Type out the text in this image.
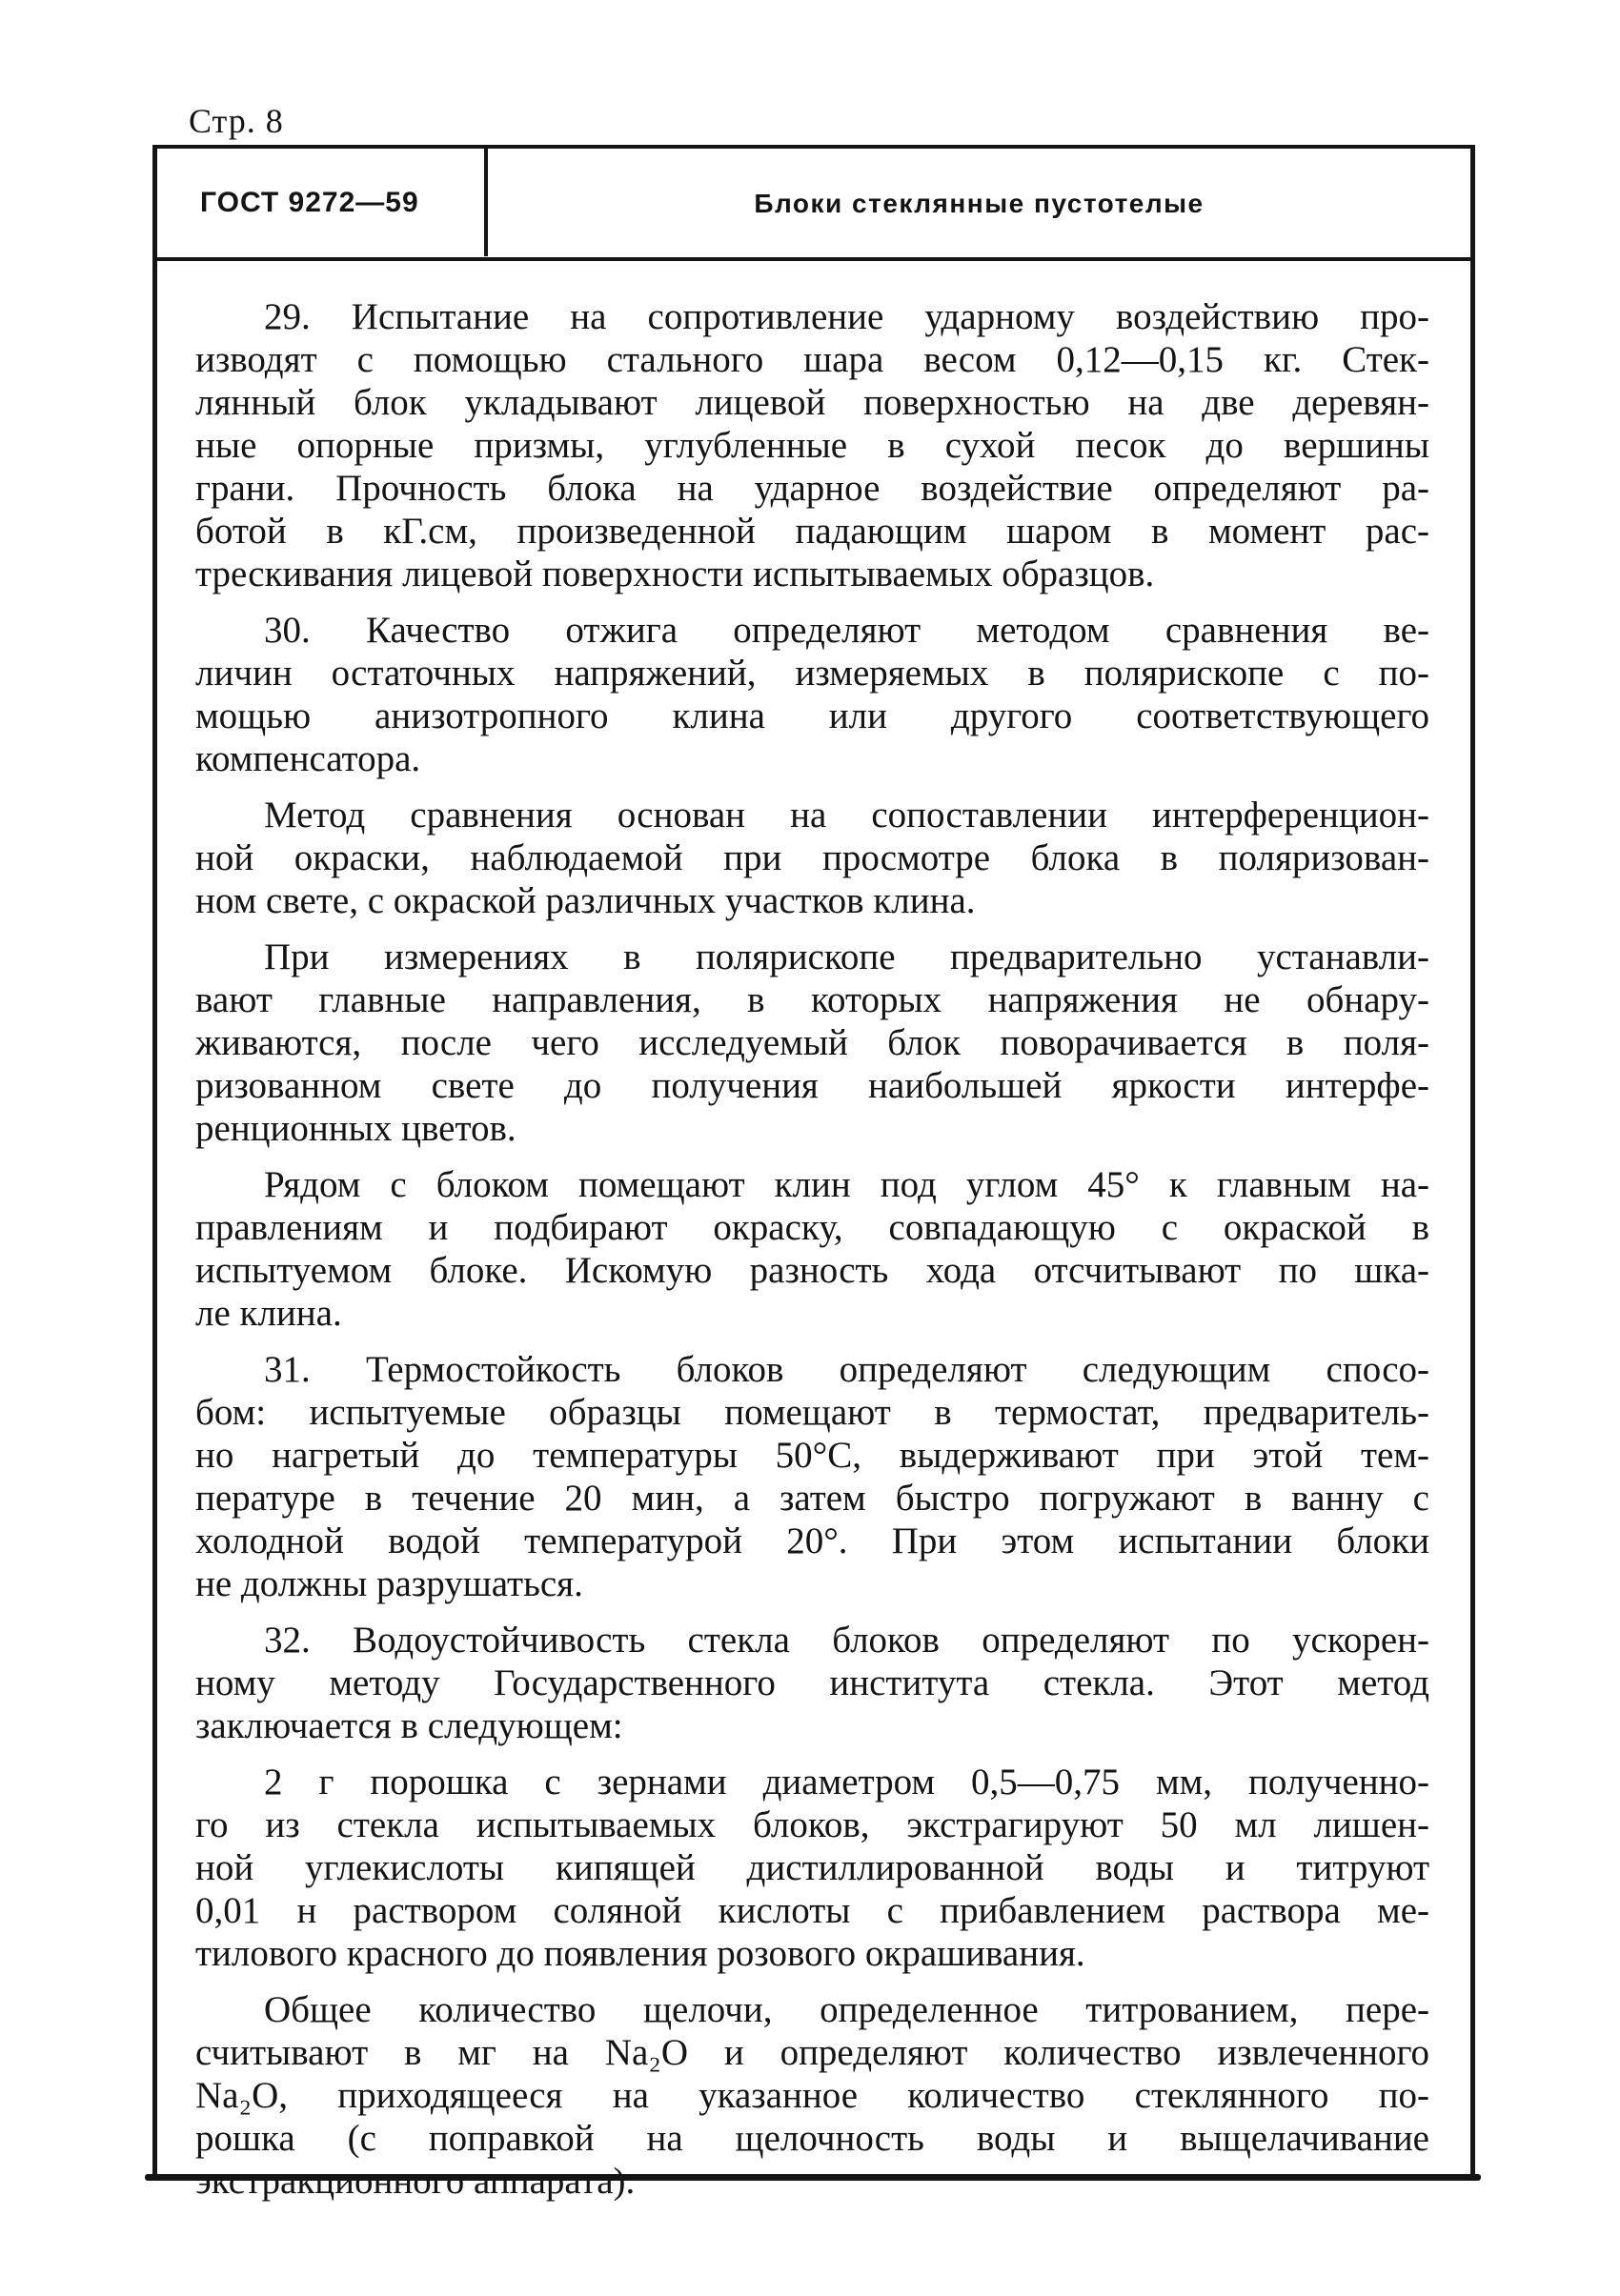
Стр. 8
ГОСТ 9272—59	Блоки стеклянные пустотелые
29. Испытание на сопротивление ударному воздействию про-
изводят с помощью стального шара весом 0,12—0,15 кг. Стек-
лянный блок укладывают лицевой поверхностью на две деревян-
ные опорные призмы, углубленные в сухой песок до вершины
грани. Прочность блока на ударное воздействие определяют ра-
ботой в кГ.см, произведенной падающим шаром в момент рас-
трескивания лицевой поверхности испытываемых образцов.
30. Качество отжига определяют методом сравнения ве-
личин остаточных напряжений, измеряемых в полярископе с по-
мощью анизотропного клина или другого соответствующего
компенсатора.
Метод сравнения основан на сопоставлении интерференцион-
ной окраски, наблюдаемой при просмотре блока в поляризован-
ном свете, с окраской различных участков клина.
При измерениях в полярископе предварительно устанавли-
вают главные направления, в которых напряжения не обнару-
живаются, после чего исследуемый блок поворачивается в поля-
ризованном свете до получения наибольшей яркости интерфе-
ренционных цветов.
Рядом с блоком помещают клин под углом 45° к главным на-
правлениям и подбирают окраску, совпадающую с окраской в
испытуемом блоке. Искомую разность хода отсчитывают по шка-
ле клина.
31. Термостойкость блоков определяют следующим спосо-
бом: испытуемые образцы помещают в термостат, предваритель-
но нагретый до температуры 50°С, выдерживают при этой тем-
пературе в течение 20 мин, а затем быстро погружают в ванну с
холодной водой температурой 20°. При этом испытании блоки
не должны разрушаться.
32. Водоустойчивость стекла блоков определяют по ускорен-
ному методу Государственного института стекла. Этот метод
заключается в следующем:
2 г порошка с зернами диаметром 0,5—0,75 мм, полученно-
го из стекла испытываемых блоков, экстрагируют 50 мл лишен-
ной углекислоты кипящей дистиллированной воды и титруют
0,01 н раствором соляной кислоты с прибавлением раствора ме-
тилового красного до появления розового окрашивания.
Общее количество щелочи, определенное титрованием, пере-
считывают в мг на Na₂O и определяют количество извлеченного
Na₂O, приходящееся на указанное количество стеклянного по-
рошка (с поправкой на щелочность воды и выщелачивание
экстракционного аппарата).
